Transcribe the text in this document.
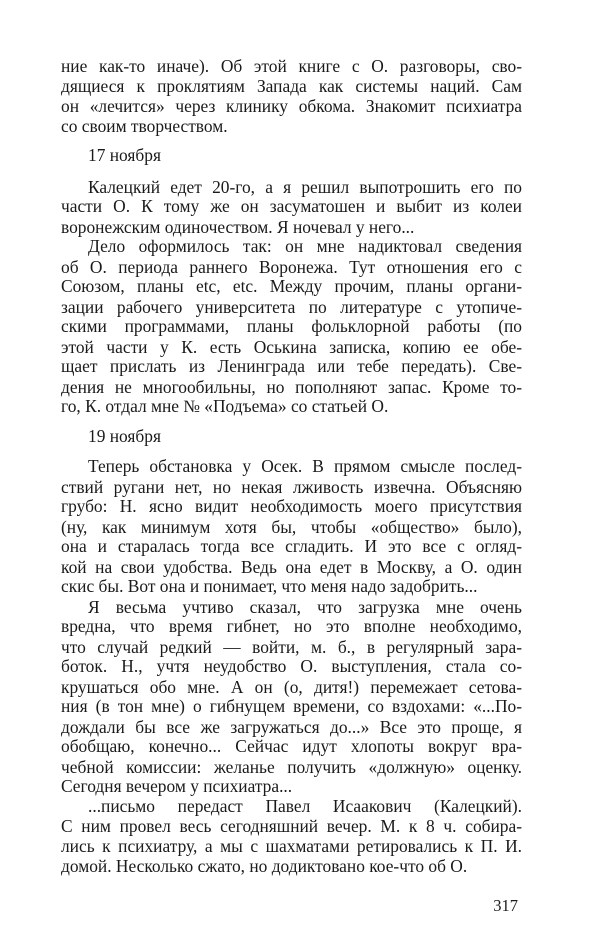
ние как-то иначе). Об этой книге с О. разговоры, сво-
дящиеся к проклятиям Запада как системы наций. Сам
он «лечится» через клинику обкома. Знакомит психиатра
со своим творчеством.
17 ноября
Калецкий едет 20-го, а я решил выпотрошить его по
части О. К тому же он засуматошен и выбит из колеи
воронежским одиночеством. Я ночевал у него...
Дело оформилось так: он мне надиктовал сведения
об О. периода раннего Воронежа. Тут отношения его с
Союзом, планы etc, etc. Между прочим, планы органи-
зации рабочего университета по литературе с утопиче-
скими программами, планы фольклорной работы (по
этой части у К. есть Оськина записка, копию ее обе-
щает прислать из Ленинграда или тебе передать). Све-
дения не многообильны, но пополняют запас. Кроме то-
го, К. отдал мне № «Подъема» со статьей О.
19 ноября
Теперь обстановка у Осек. В прямом смысле послед-
ствий ругани нет, но некая лживость извечна. Объясняю
грубо: Н. ясно видит необходимость моего присутствия
(ну, как минимум хотя бы, чтобы «общество» было),
она и старалась тогда все сгладить. И это все с огляд-
кой на свои удобства. Ведь она едет в Москву, а О. один
скис бы. Вот она и понимает, что меня надо задобрить...
Я весьма учтиво сказал, что загрузка мне очень
вредна, что время гибнет, но это вполне необходимо,
что случай редкий — войти, м. б., в регулярный зара-
боток. Н., учтя неудобство О. выступления, стала со-
крушаться обо мне. А он (о, дитя!) перемежает сетова-
ния (в тон мне) о гибнущем времени, со вздохами: «...По-
дождали бы все же загружаться до...» Все это проще, я
обобщаю, конечно... Сейчас идут хлопоты вокруг вра-
чебной комиссии: желанье получить «должную» оценку.
Сегодня вечером у психиатра...
...письмо передаст Павел Исаакович (Калецкий).
С ним провел весь сегодняшний вечер. М. к 8 ч. собира-
лись к психиатру, а мы с шахматами ретировались к П. И.
домой. Несколько сжато, но додиктовано кое-что об О.
317
